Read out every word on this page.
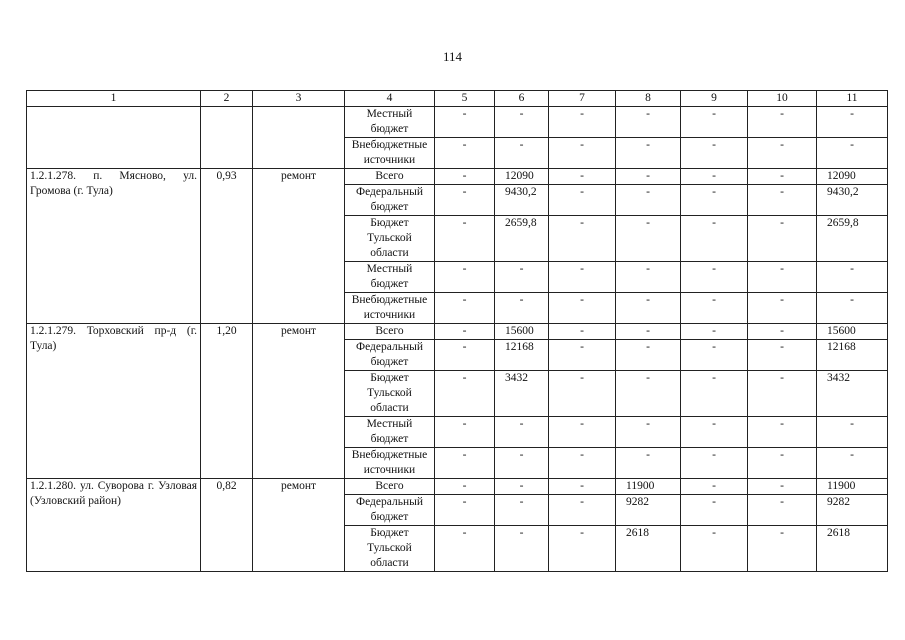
114
1	2	3	4	5	6	7	8	9	10	11
			Местный бюджет	-	-	-	-	-	-	-
			Внебюджетные источники	-	-	-	-	-	-	-
1.2.1.278. п. Мясново, ул. Громова (г. Тула)	0,93	ремонт	Всего	-	12090	-	-	-	-	12090
			Федеральный бюджет	-	9430,2	-	-	-	-	9430,2
			Бюджет Тульской области	-	2659,8	-	-	-	-	2659,8
			Местный бюджет	-	-	-	-	-	-	-
			Внебюджетные источники	-	-	-	-	-	-	-
1.2.1.279. Торховский пр-д (г. Тула)	1,20	ремонт	Всего	-	15600	-	-	-	-	15600
			Федеральный бюджет	-	12168	-	-	-	-	12168
			Бюджет Тульской области	-	3432	-	-	-	-	3432
			Местный бюджет	-	-	-	-	-	-	-
			Внебюджетные источники	-	-	-	-	-	-	-
1.2.1.280. ул. Суворова г. Узловая (Узловский район)	0,82	ремонт	Всего	-	-	-	11900	-	-	11900
			Федеральный бюджет	-	-	-	9282	-	-	9282
			Бюджет Тульской области	-	-	-	2618	-	-	2618
